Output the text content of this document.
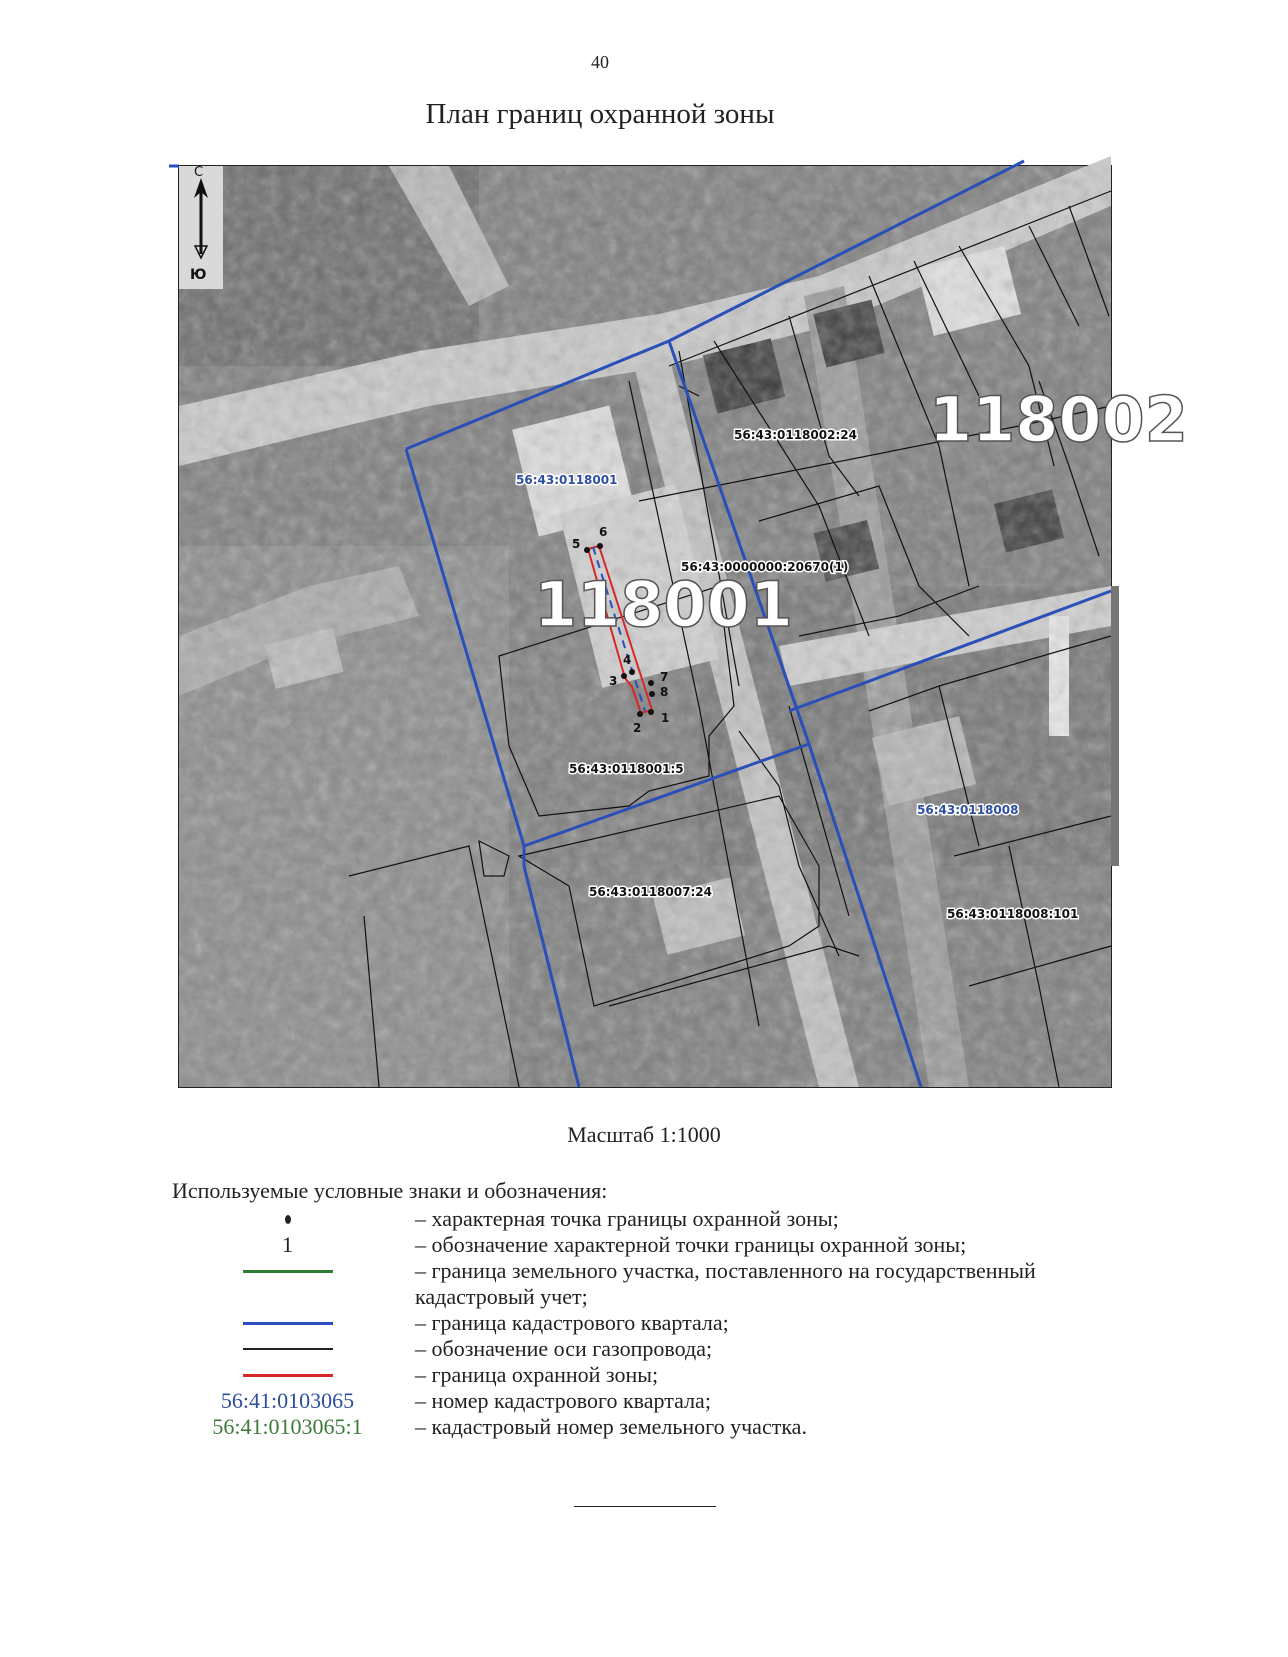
40
План границ охранной зоны
1
2
3
4
5
6
7
8
118001
118002
56:43:0118001
56:43:0118008
56:43:0118002:24
56:43:0000000:20670(1)
56:43:0118001:5
56:43:0118007:24
56:43:0118008:101
С
Ю
Масштаб 1:1000
Используемые условные знаки и обозначения:
– характерная точка границы охранной зоны;
1	– обозначение характерной точки границы охранной зоны;
– граница земельного участка, поставленного на государственный кадастровый учет;
– граница кадастрового квартала;
– обозначение оси газопровода;
– граница охранной зоны;
56:41:0103065	– номер кадастрового квартала;
56:41:0103065:1	– кадастровый номер земельного участка.
